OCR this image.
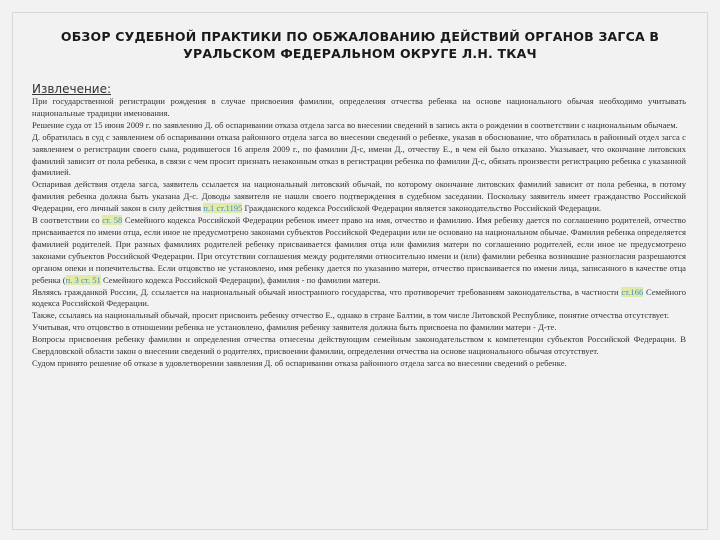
ОБЗОР СУДЕБНОЙ ПРАКТИКИ ПО ОБЖАЛОВАНИЮ ДЕЙСТВИЙ ОРГАНОВ ЗАГСА В УРАЛЬСКОМ ФЕДЕРАЛЬНОМ ОКРУГЕ Л.Н. ТКАЧ
Извлечение:

При государственной регистрации рождения в случае присвоения фамилии, определения отчества ребенка на основе национального обычая необходимо учитывать национальные традиции именования.

Решение суда от 15 июня 2009 г. по заявлению Д. об оспаривании отказа отдела загса во внесении сведений в запись акта о рождении в соответствии с национальным обычаем.

Д. обратилась в суд с заявлением об оспаривании отказа районного отдела загса во внесении сведений о ребенке, указав в обоснование, что обратилась в районный отдел загса с заявлением о регистрации своего сына, родившегося 16 апреля 2009 г., по фамилии Д-с, имени Д., отчеству Е., в чем ей было отказано. Указывает, что окончание литовских фамилий зависит от пола ребенка, в связи с чем просит признать незаконным отказ в регистрации ребенка по фамилии Д-с, обязать произвести регистрацию ребенка с указанной фамилией.

Оспаривая действия отдела загса, заявитель ссылается на национальный литовский обычай, по которому окончание литовских фамилий зависит от пола ребенка, в потому фамилия ребенка должна быть указана Д-с. Доводы заявителя не нашли своего подтверждения в судебном заседании. Поскольку заявитель имеет гражданство Российской Федерации, его личный закон в силу действия п.1 ст.1195 Гражданского кодекса Российской Федерации является законодательство Российской Федерации.

В соответствии со ст. 58 Семейного кодекса Российской Федерации ребенок имеет право на имя, отчество и фамилию. Имя ребенку дается по соглашению родителей, отчество присваивается по имени отца, если иное не предусмотрено законами субъектов Российской Федерации или не основано на национальном обычае. Фамилия ребенка определяется фамилией родителей. При разных фамилиях родителей ребенку присваивается фамилия отца или фамилия матери по соглашению родителей, если иное не предусмотрено законами субъектов Российской Федерации. При отсутствии соглашения между родителями относительно имени и (или) фамилии ребенка возникшие разногласия разрешаются органом опеки и попечительства. Если отцовство не установлено, имя ребенку дается по указанию матери, отчество присваивается по имени лица, записанного в качестве отца ребенка (п. 3 ст. 51 Семейного кодекса Российской Федерации), фамилия - по фамилии матери.

Являясь гражданкой России, Д. ссылается на национальный обычай иностранного государства, что противоречит требованиям законодательства, в частности ст.166 Семейного кодекса Российской Федерации.

Также, ссылаясь на национальный обычай, просит присвоить ребенку отчество Е., однако в стране Балтии, в том числе Литовской Республике, понятие отчества отсутствует.

Учитывая, что отцовство в отношении ребенка не установлено, фамилия ребенку заявителя должна быть присвоена по фамилии матери - Д-те.

Вопросы присвоения ребенку фамилии и определения отчества отнесены действующим семейным законодательством к компетенции субъектов Российской Федерации. В Свердловской области закон о внесении сведений о родителях, присвоении фамилии, определении отчества на основе национального обычая отсутствует.

Судом принято решение об отказе в удовлетворении заявления Д. об оспаривании отказа районного отдела загса во внесении сведений о ребенке.
